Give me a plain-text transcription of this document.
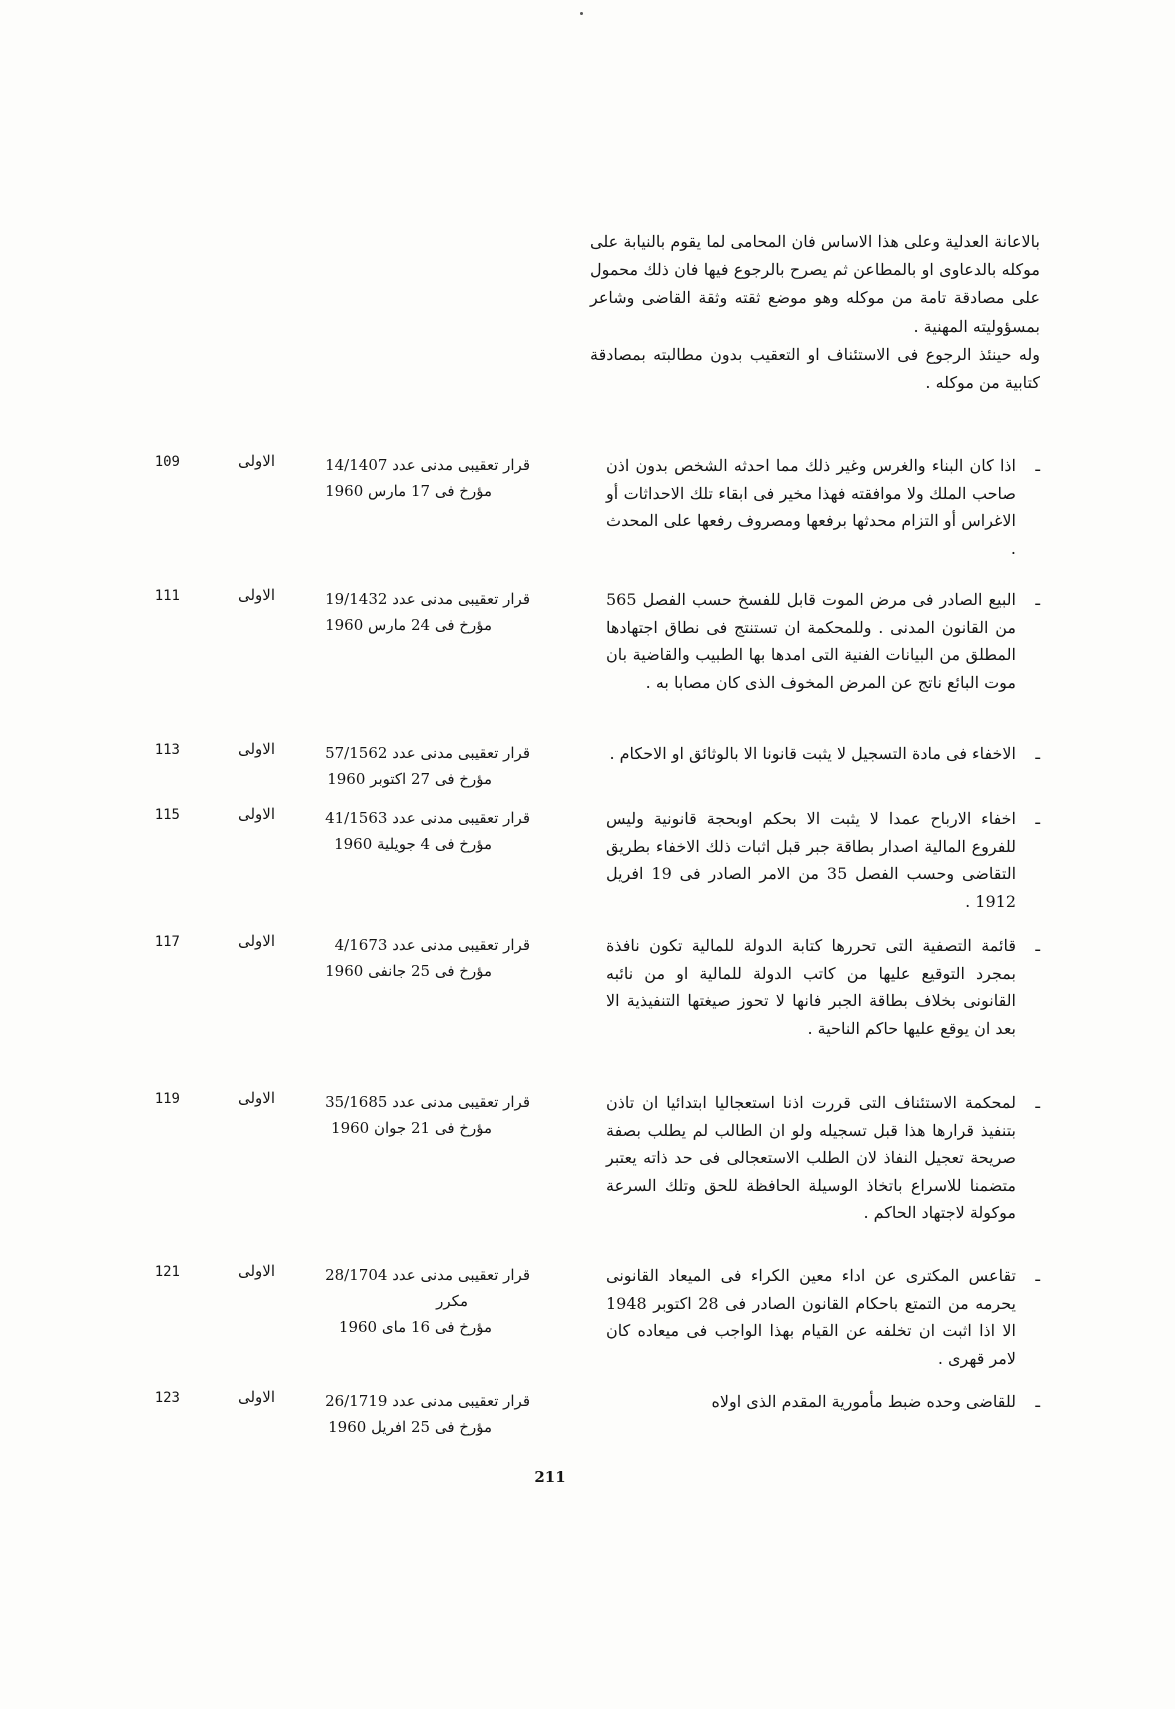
بالاعانة العدلية وعلى هذا الاساس فان المحامى لما يقوم بالنيابة على موكله بالدعاوى او بالمطاعن ثم يصرح بالرجوع فيها فان ذلك محمول على مصادقة تامة من موكله وهو موضع ثقته وثقة القاضى وشاعر بمسؤوليته المهنية .

وله حينئذ الرجوع فى الاستئناف او التعقيب بدون مطالبته بمصادقة كتابية من موكله .

ـ
اذا كان البناء والغرس وغير ذلك مما احدثه الشخص بدون اذن صاحب الملك ولا موافقته فهذا مخير فى ابقاء تلك الاحداثات أو الاغراس أو التزام محدثها برفعها ومصروف رفعها على المحدث .
قرار تعقيبى مدنى عدد 14/1407
مؤرخ فى 17 مارس 1960
الاولى
109
ـ
البيع الصادر فى مرض الموت قابل للفسخ حسب الفصل 565 من القانون المدنى . وللمحكمة ان تستنتج فى نطاق اجتهادها المطلق من البيانات الفنية التى امدها بها الطبيب والقاضية بان موت البائع ناتج عن المرض المخوف الذى كان مصابا به .
قرار تعقيبى مدنى عدد 19/1432
مؤرخ فى 24 مارس 1960
الاولى
111
ـ
الاخفاء فى مادة التسجيل لا يثبت قانونا الا بالوثائق او الاحكام .
قرار تعقيبى مدنى عدد 57/1562
مؤرخ فى 27 اكتوبر 1960
الاولى
113
ـ
اخفاء الارباح عمدا لا يثبت الا بحكم اوبحجة قانونية وليس للفروع المالية اصدار بطاقة جبر قبل اثبات ذلك الاخفاء بطريق التقاضى وحسب الفصل 35 من الامر الصادر فى 19 افريل 1912 .
قرار تعقيبى مدنى عدد 41/1563
مؤرخ فى 4 جويلية 1960
الاولى
115
ـ
قائمة التصفية التى تحررها كتابة الدولة للمالية تكون نافذة بمجرد التوقيع عليها من كاتب الدولة للمالية او من نائبه القانونى بخلاف بطاقة الجبر فانها لا تحوز صيغتها التنفيذية الا بعد ان يوقع عليها حاكم الناحية .
قرار تعقيبى مدنى عدد 4/1673
مؤرخ فى 25 جانفى 1960
الاولى
117
ـ
لمحكمة الاستئناف التى قررت اذنا استعجاليا ابتدائيا ان تاذن بتنفيذ قرارها هذا قبل تسجيله ولو ان الطالب لم يطلب بصفة صريحة تعجيل النفاذ لان الطلب الاستعجالى فى حد ذاته يعتبر متضمنا للاسراع باتخاذ الوسيلة الحافظة للحق وتلك السرعة موكولة لاجتهاد الحاكم .
قرار تعقيبى مدنى عدد 35/1685
مؤرخ فى 21 جوان 1960
الاولى
119
ـ
تقاعس المكترى عن اداء معين الكراء فى الميعاد القانونى يحرمه من التمتع باحكام القانون الصادر فى 28 اكتوبر 1948 الا اذا اثبت ان تخلفه عن القيام بهذا الواجب فى ميعاده كان لامر قهرى .
قرار تعقيبى مدنى عدد 28/1704
مكرر
مؤرخ فى 16 ماى 1960
الاولى
121
ـ
للقاضى وحده ضبط مأمورية المقدم الذى اولاه
قرار تعقيبى مدنى عدد 26/1719
مؤرخ فى 25 افريل 1960
الاولى
123
211
